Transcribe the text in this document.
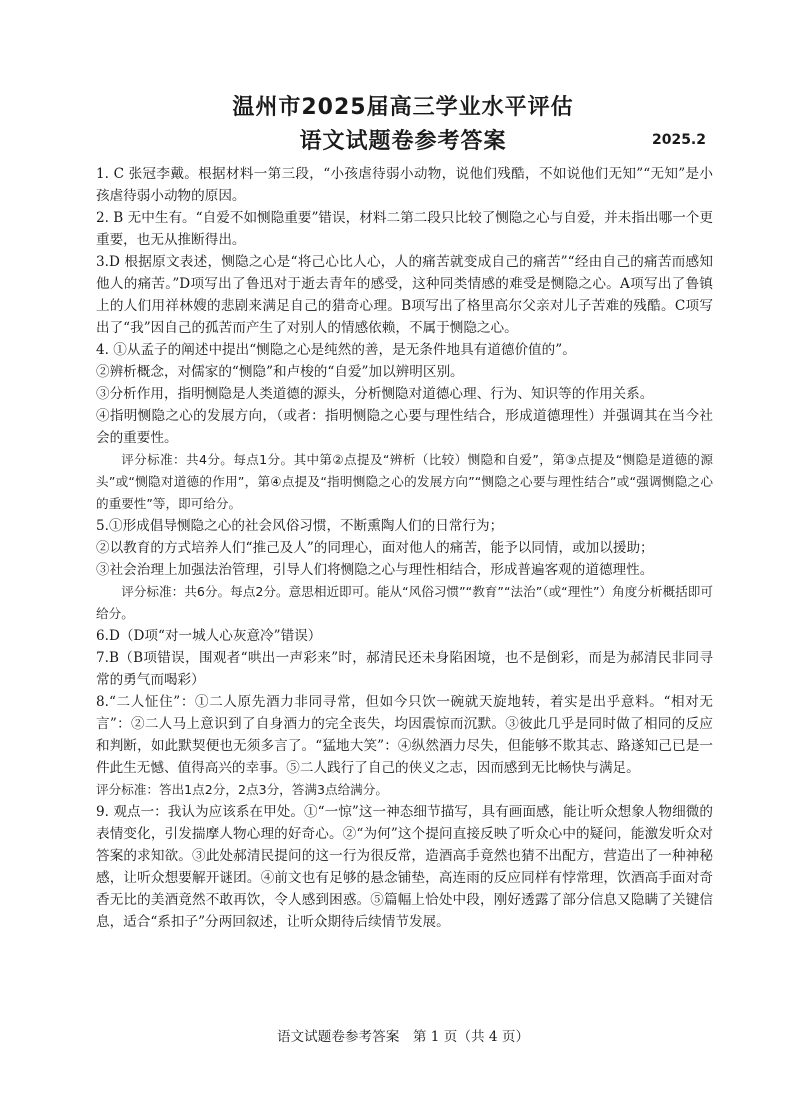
温州市2025届高三学业水平评估
语文试题卷参考答案	2025.2

1. C 张冠李戴。根据材料一第三段，“小孩虐待弱小动物，说他们残酷，不如说他们无知”“无知”是小孩虐待弱小动物的原因。

2. B 无中生有。“自爱不如恻隐重要”错误，材料二第二段只比较了恻隐之心与自爱，并未指出哪一个更重要，也无从推断得出。

3.D 根据原文表述，恻隐之心是“将己心比人心，人的痛苦就变成自己的痛苦”“经由自己的痛苦而感知他人的痛苦。”D项写出了鲁迅对于逝去青年的感受，这种同类情感的难受是恻隐之心。A项写出了鲁镇上的人们用祥林嫂的悲剧来满足自己的猎奇心理。B项写出了格里高尔父亲对儿子苦难的残酷。C项写出了“我”因自己的孤苦而产生了对别人的情感依赖，不属于恻隐之心。

4. ①从孟子的阐述中提出“恻隐之心是纯然的善，是无条件地具有道德价值的”。

②辨析概念，对儒家的“恻隐”和卢梭的“自爱”加以辨明区别。

③分析作用，指明恻隐是人类道德的源头，分析恻隐对道德心理、行为、知识等的作用关系。

④指明恻隐之心的发展方向，（或者：指明恻隐之心要与理性结合，形成道德理性）并强调其在当今社会的重要性。

评分标准：共4分。每点1分。其中第②点提及“辨析（比较）恻隐和自爱”，第③点提及“恻隐是道德的源头”或“恻隐对道德的作用”，第④点提及“指明恻隐之心的发展方向”“恻隐之心要与理性结合”或“强调恻隐之心的重要性”等，即可给分。

5.①形成倡导恻隐之心的社会风俗习惯，不断熏陶人们的日常行为；

②以教育的方式培养人们“推己及人”的同理心，面对他人的痛苦，能予以同情，或加以援助；

③社会治理上加强法治管理，引导人们将恻隐之心与理性相结合，形成普遍客观的道德理性。

评分标准：共6分。每点2分。意思相近即可。能从“风俗习惯”“教育”“法治”（或“理性”）角度分析概括即可给分。

6.D（D项“对一城人心灰意冷”错误）

7.B（B项错误，围观者“哄出一声彩来”时，郝清民还未身陷困境，也不是倒彩，而是为郝清民非同寻常的勇气而喝彩）

8.“二人怔住”：①二人原先酒力非同寻常，但如今只饮一碗就天旋地转，着实是出乎意料。“相对无言”：②二人马上意识到了自身酒力的完全丧失，均因震惊而沉默。③彼此几乎是同时做了相同的反应和判断，如此默契便也无须多言了。“猛地大笑”：④纵然酒力尽失，但能够不欺其志、路遂知己已是一件此生无憾、值得高兴的幸事。⑤二人践行了自己的侠义之志，因而感到无比畅快与满足。

评分标准：答出1点2分，2点3分，答满3点给满分。

9. 观点一：我认为应该系在甲处。①“一惊”这一神态细节描写，具有画面感，能让听众想象人物细微的表情变化，引发揣摩人物心理的好奇心。②“为何”这个提问直接反映了听众心中的疑问，能激发听众对答案的求知欲。③此处郝清民提问的这一行为很反常，造酒高手竟然也猜不出配方，营造出了一种神秘感，让听众想要解开谜团。④前文也有足够的悬念铺垫，高连雨的反应同样有悖常理，饮酒高手面对奇香无比的美酒竟然不敢再饮，令人感到困惑。⑤篇幅上恰处中段，刚好透露了部分信息又隐瞒了关键信息，适合“系扣子”分两回叙述，让听众期待后续情节发展。

语文试题卷参考答案　第 1 页（共 4 页）
